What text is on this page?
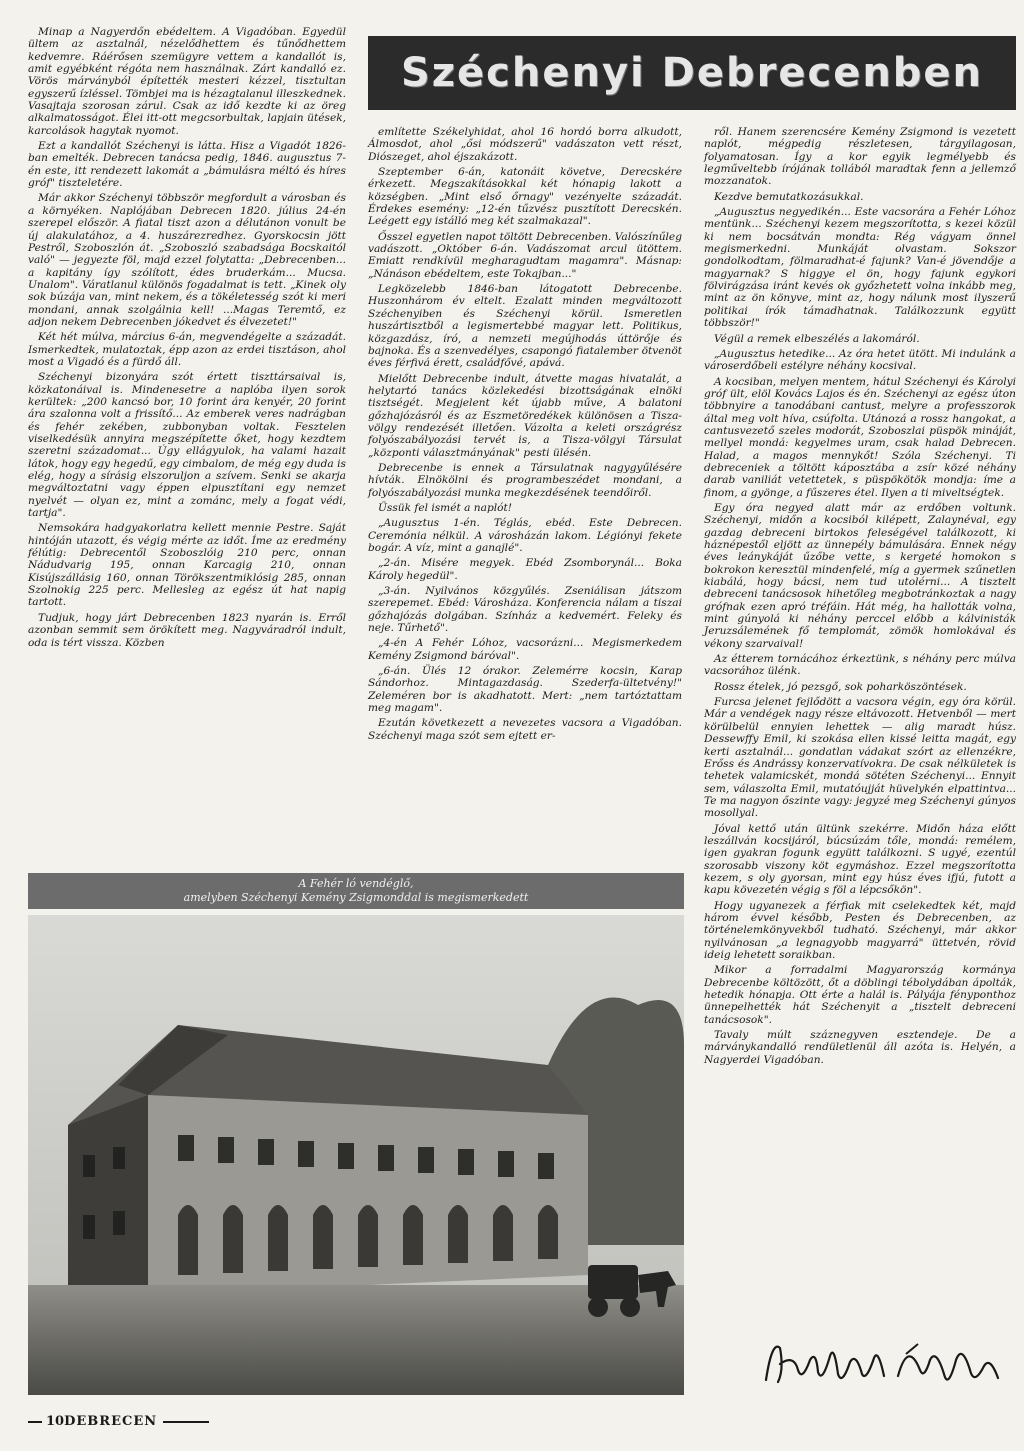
Minap a Nagyerdőn ebédeltem. A Vigadóban. Egyedül ültem az asztalnál, nézelődhettem és tűnődhettem kedvemre. Ráérősen szemügyre vettem a kandallót is, amit egyébként régóta nem használnak. Zárt kandalló ez. Vörös márványból építették mesteri kézzel, tisztultan egyszerű ízléssel. Tömbjei ma is hézagtalanul illeszkednek. Vasajtaja szorosan zárul. Csak az idő kezdte ki az öreg alkalmatosságot. Élei itt-ott megcsorbultak, lapjain ütések, karcolások hagytak nyomot.

Ezt a kandallót Széchenyi is látta. Hisz a Vigadót 1826-ban emelték. Debrecen tanácsa pedig, 1846. augusztus 7-én este, itt rendezett lakomát a „bámulásra méltó és híres gróf" tiszteletére.

Már akkor Széchenyi többször megfordult a városban és a környéken. Naplójában Debrecen 1820. július 24-én szerepel először. A fiatal tiszt azon a délutánon vonult be új alakulatához, a 4. huszárezredhez. Gyorskocsin jött Pestről, Szoboszlón át. „Szoboszló szabadsága Bocskaitól való" — jegyezte föl, majd ezzel folytatta: „Debrecenben... a kapitány így szólított, édes bruderkám... Mucsa. Unalom". Váratlanul különös fogadalmat is tett. „Kinek oly sok búzája van, mint nekem, és a tökéletesség szót ki meri mondani, annak szolgálnia kell! ...Magas Teremtő, ez adjon nekem Debrecenben jókedvet és élvezetet!"

Két hét múlva, március 6-án, megvendégelte a századát. Ismerkedtek, mulatoztak, épp azon az erdei tisztáson, ahol most a Vigadó és a fürdő áll.

Széchenyi bizonyára szót értett tiszttársaival is, közkatonáival is. Mindenesetre a naplóba ilyen sorok kerültek: „200 kancsó bor, 10 forint ára kenyér, 20 forint ára szalonna volt a frissítő... Az emberek veres nadrágban és fehér zekében, zubbonyban voltak. Fesztelen viselkedésük annyira megszépítette őket, hogy kezdtem szeretni századomat... Úgy ellágyulok, ha valami hazait látok, hogy egy hegedű, egy cimbalom, de még egy duda is elég, hogy a sírásig elszoruljon a szívem. Senki se akarja megváltoztatni vagy éppen elpusztítani egy nemzet nyelvét — olyan ez, mint a zománc, mely a fogat védi, tartja".

Nemsokára hadgyakorlatra kellett mennie Pestre. Saját hintóján utazott, és végig mérte az időt. Íme az eredmény félútig: Debrecentől Szoboszlóig 210 perc, onnan Nádudvarig 195, onnan Karcagig 210, onnan Kisújszállásig 160, onnan Törökszentmiklósig 285, onnan Szolnokig 225 perc. Mellesleg az egész út hat napig tartott.

Tudjuk, hogy járt Debrecenben 1823 nyarán is. Erről azonban semmit sem örökített meg. Nagyváradról indult, oda is tért vissza. Közben

Széchenyi Debrecenben

említette Székelyhidat, ahol 16 hordó borra alkudott, Álmosdot, ahol „ősi módszerű" vadászaton vett részt, Diószeget, ahol éjszakázott.

Szeptember 6-án, katonáit követve, Derecskére érkezett. Megszakításokkal két hónapig lakott a községben. „Mint első őrnagy" vezényelte századát. Érdekes esemény: „12-én tűzvész pusztított Derecskén. Leégett egy istálló meg két szalmakazal".

Ősszel egyetlen napot töltött Debrecenben. Valószínűleg vadászott. „Október 6-án. Vadászomat arcul ütöttem. Emiatt rendkívül megharagudtam magamra". Másnap: „Nánáson ebédeltem, este Tokajban..."

Legközelebb 1846-ban látogatott Debrecenbe. Huszonhárom év eltelt. Ezalatt minden megváltozott Széchenyiben és Széchenyi körül. Ismeretlen huszártisztből a legismertebbé magyar lett. Politikus, közgazdász, író, a nemzeti megújhodás úttörője és bajnoka. És a szenvedélyes, csapongó fiatalember ötvenöt éves férfivá érett, családfővé, apává.

Mielőtt Debrecenbe indult, átvette magas hivatalát, a helytartó tanács közlekedési bizottságának elnöki tisztségét. Megjelent két újabb műve, A balatoni gőzhajózásról és az Eszmetöredékek különösen a Tisza-völgy rendezését illetően. Vázolta a keleti országrész folyószabályozási tervét is, a Tisza-völgyi Társulat „központi választmányának" pesti ülésén.

Debrecenbe is ennek a Társulatnak nagygyűlésére hívták. Elnökölni és programbeszédet mondani, a folyószabályozási munka megkezdésének teendőiről.

Üssük fel ismét a naplót!

„Augusztus 1-én. Téglás, ebéd. Este Debrecen. Ceremónia nélkül. A városházán lakom. Légiónyi fekete bogár. A víz, mint a ganajlé".

„2-án. Misére megyek. Ebéd Zsomborynál... Boka Károly hegedül".

„3-án. Nyilvános közgyűlés. Zseniálisan játszom szerepemet. Ebéd: Városháza. Konferencia nálam a tiszai gőzhajózás dolgában. Színház a kedvemért. Feleky és neje. Tűrhető".

„4-én A Fehér Lóhoz, vacsorázni... Megismerkedem Kemény Zsigmond báróval".

„6-án. Ülés 12 órakor. Zelemérre kocsin, Karap Sándorhoz. Mintagazdaság. Szederfa-ültetvény!" Zeleméren bor is akadhatott. Mert: „nem tartóztattam meg magam".

Ezután következett a nevezetes vacsora a Vigadóban. Széchenyi maga szót sem ejtett er-

ről. Hanem szerencsére Kemény Zsigmond is vezetett naplót, mégpedig részletesen, tárgyilagosan, folyamatosan. Így a kor egyik legmélyebb és legműveltebb írójának tollából maradtak fenn a jellemző mozzanatok.

Kezdve bemutatkozásukkal.

„Augusztus negyedikén... Este vacsorára a Fehér Lóhoz mentünk... Széchenyi kezem megszorította, s kezei közül ki nem bocsátván mondta: Rég vágyam önnel megismerkedni. Munkáját olvastam. Sokszor gondolkodtam, fölmaradhat-é fajunk? Van-é jövendője a magyarnak? S higgye el ön, hogy fajunk egykori fölvirágzása iránt kevés ok győzhetett volna inkább meg, mint az ön könyve, mint az, hogy nálunk most ilyszerű politikai írók támadhatnak. Találkozzunk együtt többször!"

Végül a remek elbeszélés a lakomáról.

„Augusztus hetedike... Az óra hetet ütött. Mi indulánk a városerdőbeli estélyre néhány kocsival.

A kocsiban, melyen mentem, hátul Széchenyi és Károlyi gróf ült, elöl Kovács Lajos és én. Széchenyi az egész úton többnyire a tanodábani cantust, melyre a professzorok által meg volt híva, csúfolta. Utánozá a rossz hangokat, a cantusvezető szeles modorát, Szoboszlai püspök mináját, mellyel mondá: kegyelmes uram, csak halad Debrecen. Halad, a magos mennykőt! Szóla Széchenyi. Ti debreceniek a töltött káposztába a zsír közé néhány darab vaniliát vetettetek, s püspökötök mondja: íme a finom, a gyönge, a fűszeres étel. Ilyen a ti miveltségtek.

Egy óra negyed alatt már az erdőben voltunk. Széchenyi, midőn a kocsiból kilépett, Zalaynéval, egy gazdag debreceni birtokos feleségével találkozott, ki háznépestől eljött az ünnepély bámulására. Ennek négy éves leánykáját űzőbe vette, s kergeté homokon s bokrokon keresztül mindenfelé, míg a gyermek szűnetlen kiabálá, hogy bácsi, nem tud utolérni... A tisztelt debreceni tanácsosok hihetőleg megbotránkoztak a nagy grófnak ezen apró tréfáin. Hát még, ha hallották volna, mint gúnyolá ki néhány perccel előbb a kálvinisták Jeruzsálemének fő templomát, zömök homlokával és vékony szarvaival!

Az étterem tornácához érkeztünk, s néhány perc múlva vacsorához ülénk.

Rossz ételek, jó pezsgő, sok poharköszöntések.

Furcsa jelenet fejlődött a vacsora végin, egy óra körül. Már a vendégek nagy része eltávozott. Hetvenből — mert körülbelül ennyien lehettek — alig maradt húsz. Dessewffy Emil, ki szokása ellen kissé leitta magát, egy kerti asztalnál... gondatlan vádakat szórt az ellenzékre, Erőss és Andrássy konzervatívokra. De csak nélkületek is tehetek valamicskét, mondá sötéten Széchenyi... Ennyit sem, válaszolta Emil, mutatóujját hüvelykén elpattintva... Te ma nagyon őszinte vagy: jegyzé meg Széchenyi gúnyos mosollyal.

Jóval kettő után ültünk szekérre. Midőn háza előtt leszállván kocsijáról, búcsúzám tőle, mondá: remélem, igen gyakran fogunk együtt találkozni. S ugyé, ezentúl szorosabb viszony köt egymáshoz. Ezzel megszorította kezem, s oly gyorsan, mint egy húsz éves ifjú, futott a kapu kövezetén végig s föl a lépcsőkön".

Hogy ugyanezek a férfiak mit cselekedtek két, majd három évvel később, Pesten és Debrecenben, az történelemkönyvekből tudható. Széchenyi, már akkor nyilvánosan „a legnagyobb magyarrá" üttetvén, rövid ideig lehetett soraikban.

Mikor a forradalmi Magyarország kormánya Debrecenbe költözött, őt a döblingi tébolydában ápolták, hetedik hónapja. Ott érte a halál is. Pályája fényponthoz ünnepelhették hát Széchenyit a „tisztelt debreceni tanácsosok".

Tavaly múlt száznegyven esztendeje. De a márványkandalló rendületlenül áll azóta is. Helyén, a Nagyerdei Vigadóban.

A Fehér ló vendéglő,
amelyben Széchenyi Kemény Zsigmonddal is megismerkedett
10 DEBRECEN
